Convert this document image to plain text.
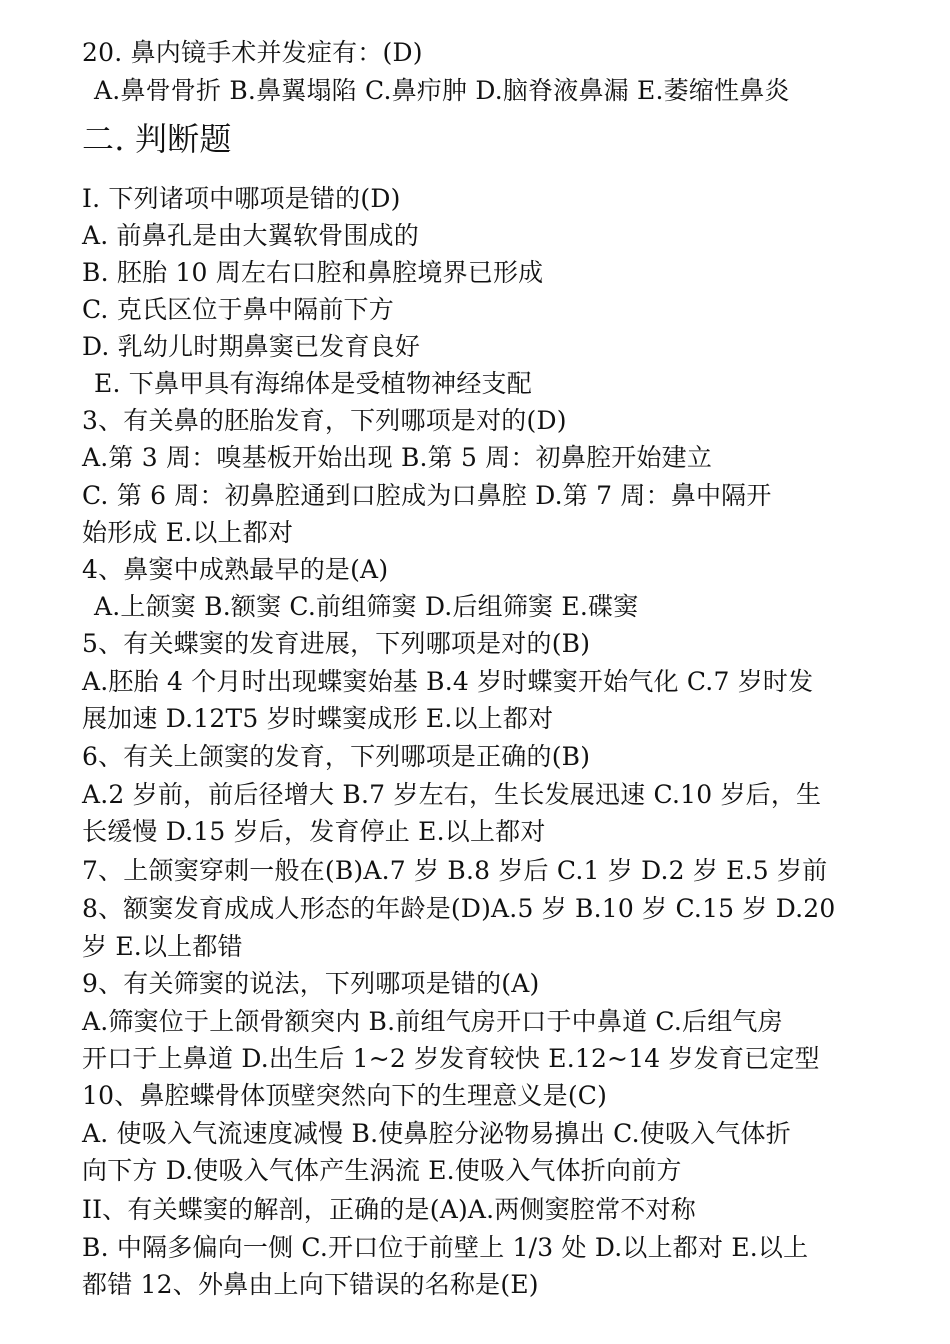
20. 鼻内镜手术并发症有：(D)
A.鼻骨骨折 B.鼻翼塌陷 C.鼻疖肿 D.脑脊液鼻漏 E.萎缩性鼻炎
二. 判断题
I. 下列诸项中哪项是错的(D)
A. 前鼻孔是由大翼软骨围成的
B. 胚胎 10 周左右口腔和鼻腔境界已形成
C. 克氏区位于鼻中隔前下方
D. 乳幼儿时期鼻窦已发育良好
E. 下鼻甲具有海绵体是受植物神经支配
3、有关鼻的胚胎发育，下列哪项是对的(D)
A.第 3 周：嗅基板开始出现 B.第 5 周：初鼻腔开始建立
C. 第 6 周：初鼻腔通到口腔成为口鼻腔 D.第 7 周：鼻中隔开
始形成 E.以上都对
4、鼻窦中成熟最早的是(A)
A.上颌窦 B.额窦 C.前组筛窦 D.后组筛窦 E.碟窦
5、有关蝶窦的发育进展，下列哪项是对的(B)
A.胚胎 4 个月时出现蝶窦始基 B.4 岁时蝶窦开始气化 C.7 岁时发
展加速 D.12T5 岁时蝶窦成形 E.以上都对
6、有关上颌窦的发育，下列哪项是正确的(B)
A.2 岁前，前后径增大 B.7 岁左右，生长发展迅速 C.10 岁后，生
长缓慢 D.15 岁后，发育停止 E.以上都对
7、上颌窦穿刺一般在(B)A.7 岁 B.8 岁后 C.1 岁 D.2 岁 E.5 岁前
8、额窦发育成成人形态的年龄是(D)A.5 岁 B.10 岁 C.15 岁 D.20
岁 E.以上都错
9、有关筛窦的说法，下列哪项是错的(A)
A.筛窦位于上颌骨额突内 B.前组气房开口于中鼻道 C.后组气房
开口于上鼻道 D.出生后 1~2 岁发育较快 E.12~14 岁发育已定型
10、鼻腔蝶骨体顶壁突然向下的生理意义是(C)
A. 使吸入气流速度减慢 B.使鼻腔分泌物易擤出 C.使吸入气体折
向下方 D.使吸入气体产生涡流 E.使吸入气体折向前方
II、有关蝶窦的解剖，正确的是(A)A.两侧窦腔常不对称
B. 中隔多偏向一侧 C.开口位于前壁上 1/3 处 D.以上都对 E.以上
都错 12、外鼻由上向下错误的名称是(E)
